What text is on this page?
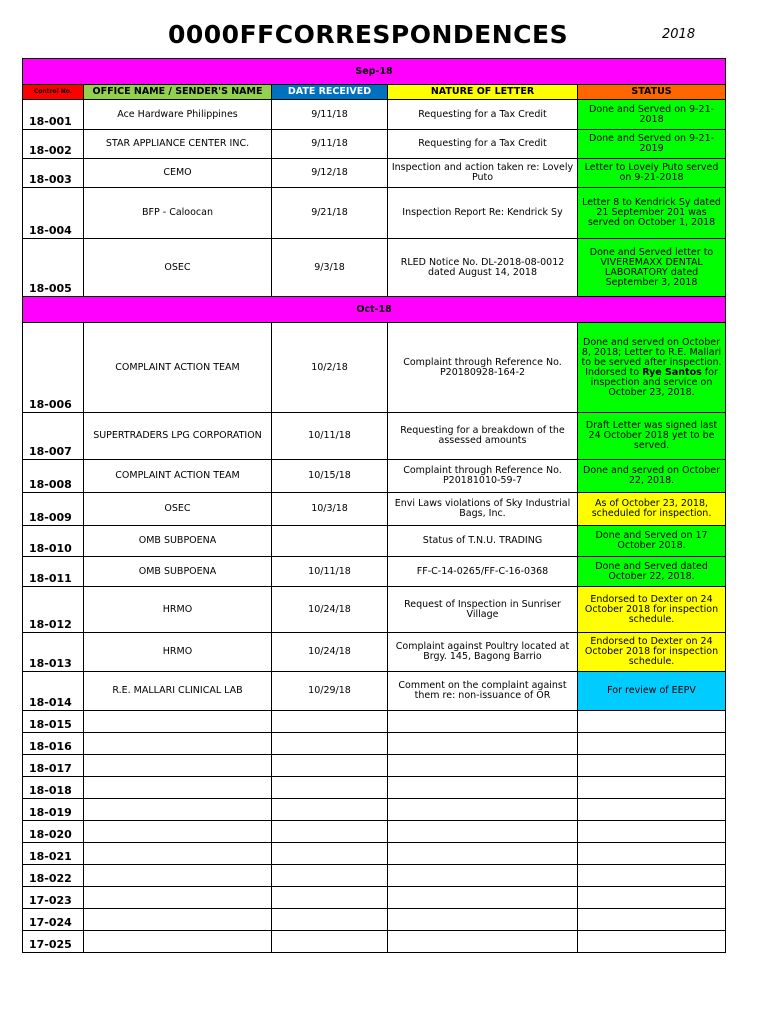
0000FFCORRESPONDENCES	2018
Sep-18				
Control No.	OFFICE NAME / SENDER'S NAME	DATE RECEIVED	NATURE OF LETTER	STATUS
18-001	Ace Hardware Philippines	9/11/18	Requesting for a Tax Credit	Done and Served on 9-21-2018
18-002	STAR APPLIANCE CENTER INC.	9/11/18	Requesting for a Tax Credit	Done and Served on 9-21-2019
18-003	CEMO	9/12/18	Inspection and action taken re: Lovely Puto	Letter to Lovely Puto served on 9-21-2018
18-004	BFP - Caloocan	9/21/18	Inspection Report Re: Kendrick Sy	Letter 8 to Kendrick Sy dated 21 September 201 was served on October 1, 2018
18-005	OSEC	9/3/18	RLED Notice No. DL-2018-08-0012 dated August 14, 2018	Done and Served letter to VIVEREMAXX DENTAL LABORATORY dated September 3, 2018
Oct-18				
18-006	COMPLAINT ACTION TEAM	10/2/18	Complaint through Reference No. P20180928-164-2	Done and served on October 8, 2018; Letter to R.E. Mallari to be served after inspection. Indorsed to Rye Santos for inspection and service on October 23, 2018.
18-007	SUPERTRADERS LPG CORPORATION	10/11/18	Requesting for a breakdown of the assessed amounts	Draft Letter was signed last 24 October 2018 yet to be served.
18-008	COMPLAINT ACTION TEAM	10/15/18	Complaint through Reference No. P20181010-59-7	Done and served on October 22, 2018.
18-009	OSEC	10/3/18	Envi Laws violations of Sky Industrial Bags, Inc.	As of October 23, 2018, scheduled for inspection.
18-010	OMB SUBPOENA		Status of T.N.U. TRADING	Done and Served on 17 October 2018.
18-011	OMB SUBPOENA	10/11/18	FF-C-14-0265/FF-C-16-0368	Done and Served dated October 22, 2018.
18-012	HRMO	10/24/18	Request of Inspection in Sunriser Village	Endorsed to Dexter on 24 October 2018 for inspection schedule.
18-013	HRMO	10/24/18	Complaint against Poultry located at Brgy. 145, Bagong Barrio	Endorsed to Dexter on 24 October 2018 for inspection schedule.
18-014	R.E. MALLARI CLINICAL LAB	10/29/18	Comment on the complaint against them re: non-issuance of OR	For review of EEPV
18-015				
18-016				
18-017				
18-018				
18-019				
18-020				
18-021				
18-022				
17-023				
17-024				
17-025				
